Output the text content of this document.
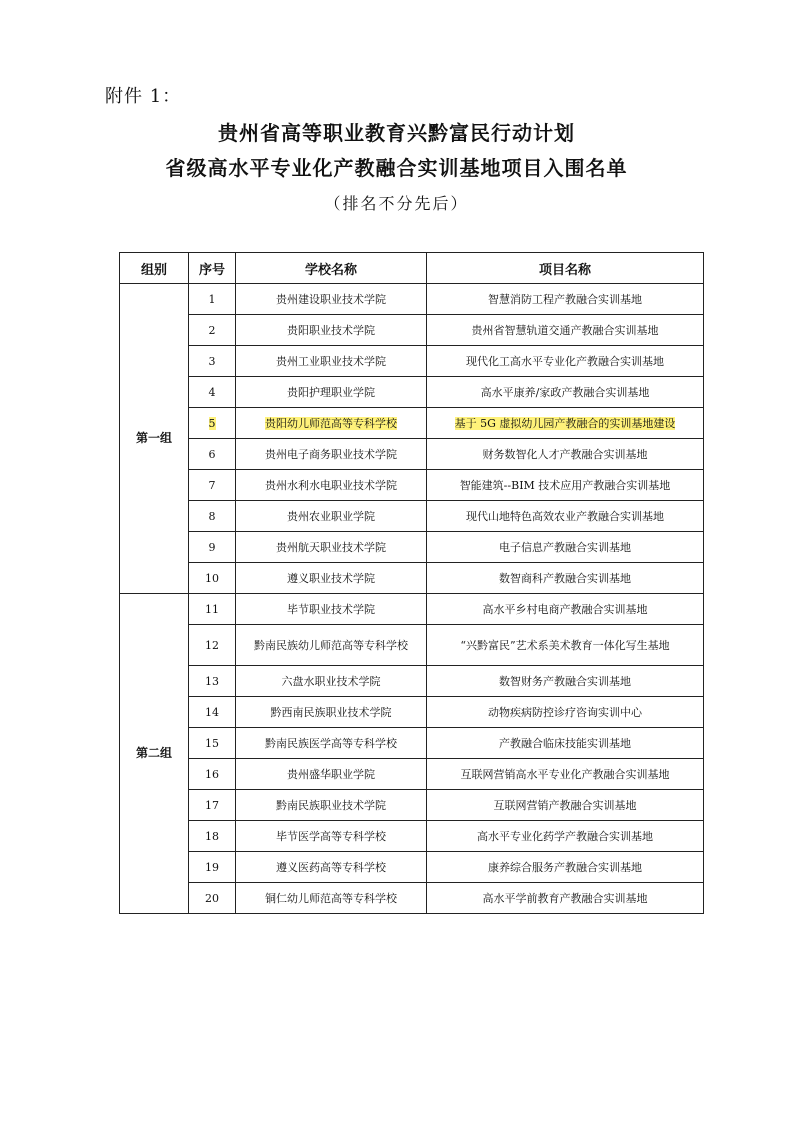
附件 1：
贵州省高等职业教育兴黔富民行动计划
省级高水平专业化产教融合实训基地项目入围名单
（排名不分先后）
组别	序号	学校名称	项目名称
第一组	1	贵州建设职业技术学院	智慧消防工程产教融合实训基地
	2	贵阳职业技术学院	贵州省智慧轨道交通产教融合实训基地
	3	贵州工业职业技术学院	现代化工高水平专业化产教融合实训基地
	4	贵阳护理职业学院	高水平康养/家政产教融合实训基地
	5	贵阳幼儿师范高等专科学校	基于 5G 虚拟幼儿园产教融合的实训基地建设
	6	贵州电子商务职业技术学院	财务数智化人才产教融合实训基地
	7	贵州水利水电职业技术学院	智能建筑--BIM 技术应用产教融合实训基地
	8	贵州农业职业学院	现代山地特色高效农业产教融合实训基地
	9	贵州航天职业技术学院	电子信息产教融合实训基地
	10	遵义职业技术学院	数智商科产教融合实训基地
第二组	11	毕节职业技术学院	高水平乡村电商产教融合实训基地
	12	黔南民族幼儿师范高等专科学校	“兴黔富民”艺术系美术教育一体化写生基地
	13	六盘水职业技术学院	数智财务产教融合实训基地
	14	黔西南民族职业技术学院	动物疾病防控诊疗咨询实训中心
	15	黔南民族医学高等专科学校	产教融合临床技能实训基地
	16	贵州盛华职业学院	互联网营销高水平专业化产教融合实训基地
	17	黔南民族职业技术学院	互联网营销产教融合实训基地
	18	毕节医学高等专科学校	高水平专业化药学产教融合实训基地
	19	遵义医药高等专科学校	康养综合服务产教融合实训基地
	20	铜仁幼儿师范高等专科学校	高水平学前教育产教融合实训基地
